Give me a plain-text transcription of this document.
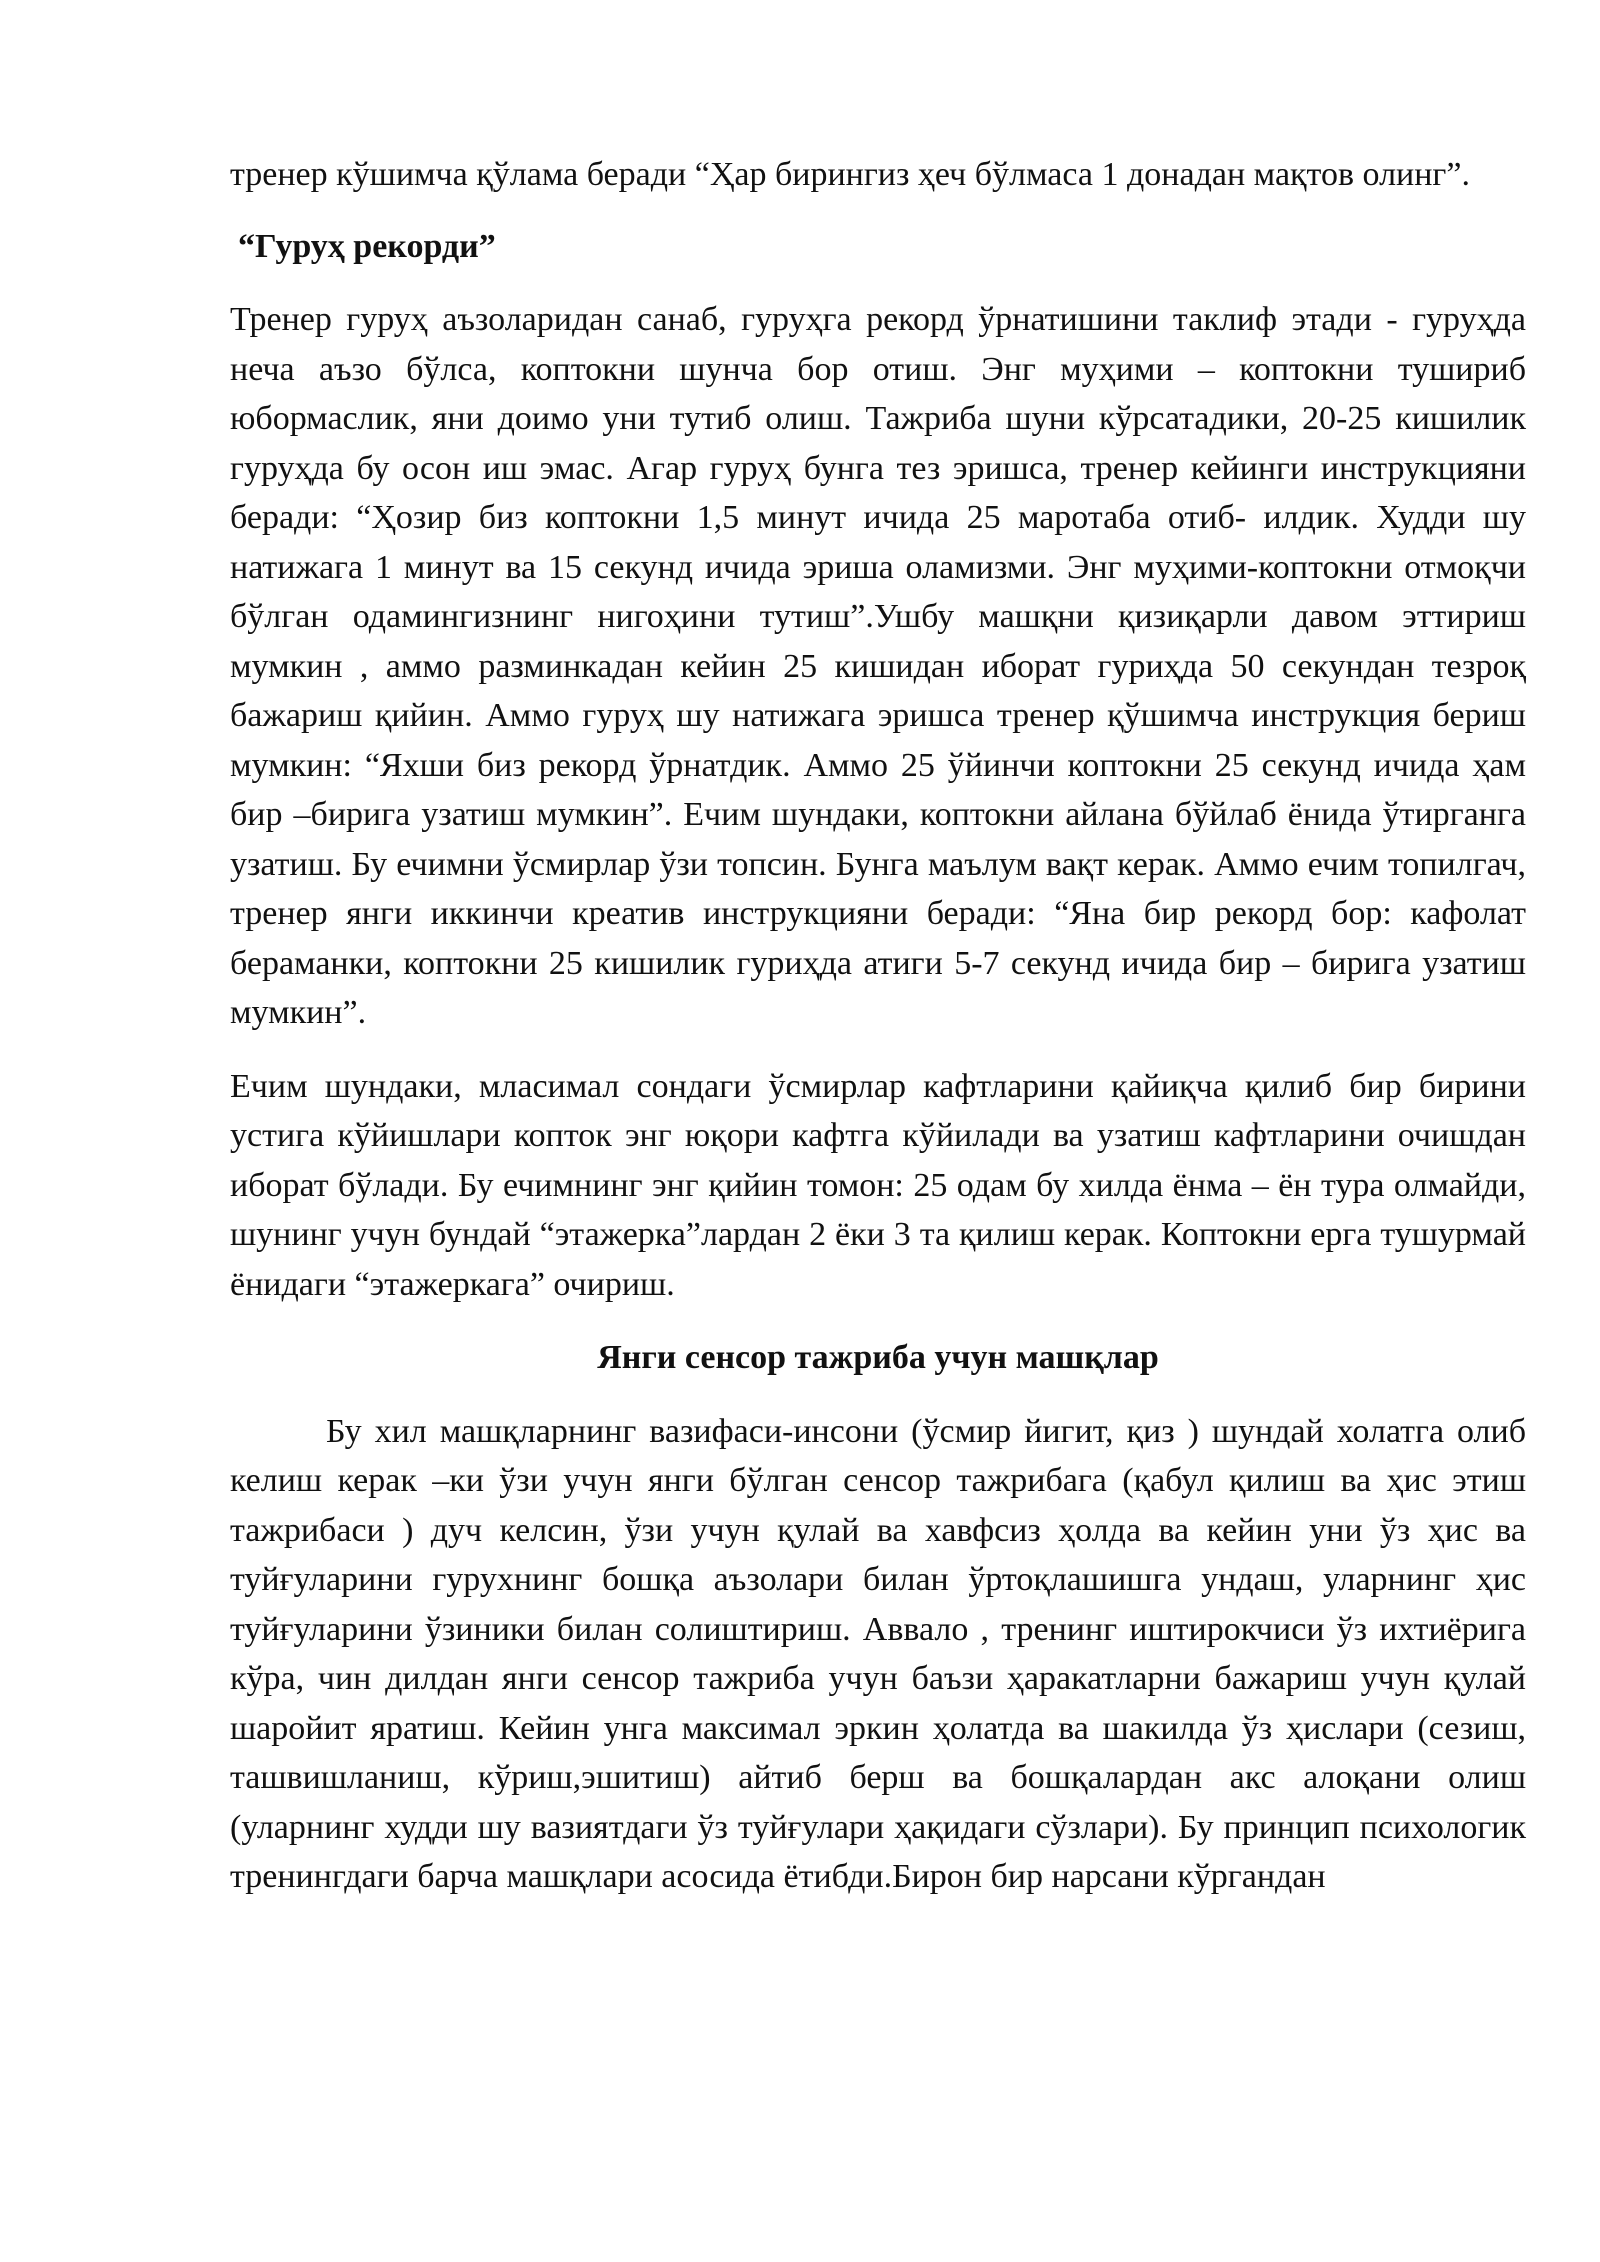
тренер кўшимча қўлама беради “Ҳар бирингиз ҳеч бўлмаса 1 донадан мақтов олинг”.

“Гуруҳ рекорди”

Тренер гуруҳ аъзоларидан санаб, гуруҳга рекорд ўрнатишини таклиф этади - гуруҳда неча аъзо бўлса, коптокни шунча бор отиш. Энг муҳими – коптокни тушириб юбормаслик, яни доимо уни тутиб олиш. Тажриба шуни кўрсатадики, 20-25 кишилик гуруҳда бу осон иш эмас. Агар гуруҳ бунга тез эришса, тренер кейинги инструкцияни беради: “Ҳозир биз коптокни 1,5 минут ичида 25 маротаба отиб- илдик. Худди шу натижага 1 минут ва 15 секунд ичида эриша оламизми. Энг муҳими-коптокни отмоқчи бўлган одамингизнинг нигоҳини тутиш”.Ушбу машқни қизиқарли давом эттириш мумкин , аммо разминкадан кейин 25 кишидан иборат гуриҳда 50 секундан тезроқ бажариш қийин. Аммо гуруҳ шу натижага эришса тренер қўшимча инструкция бериш мумкин: “Яхши биз рекорд ўрнатдик. Аммо 25 ўйинчи коптокни 25 секунд ичида ҳам бир –бирига узатиш мумкин”. Ечим шундаки, коптокни айлана бўйлаб ёнида ўтирганга узатиш. Бу ечимни ўсмирлар ўзи топсин. Бунга маълум вақт керак. Аммо ечим топилгач, тренер янги иккинчи креатив инструкцияни беради: “Яна бир рекорд бор: кафолат бераманки, коптокни 25 кишилик гуриҳда атиги 5-7 секунд ичида бир – бирига узатиш мумкин”.

Ечим шундаки, мласимал сондаги ўсмирлар кафтларини қайиқча қилиб бир бирини устига кўйишлари копток энг юқори кафтга кўйилади ва узатиш кафтларини очишдан иборат бўлади. Бу ечимнинг энг қийин томон: 25 одам бу хилда ёнма – ён тура олмайди, шунинг учун бундай “этажерка”лардан 2 ёки 3 та қилиш керак. Коптокни ерга тушурмай ёнидаги “этажеркага” очириш.

Янги сенсор тажриба учун машқлар

Бу хил машқларнинг вазифаси-инсони (ўсмир йигит, қиз ) шундай холатга олиб келиш керак –ки ўзи учун янги бўлган сенсор тажрибага (қабул қилиш ва ҳис этиш тажрибаси ) дуч келсин, ўзи учун қулай ва хавфсиз ҳолда ва кейин уни ўз ҳис ва туйғуларини гурухнинг бошқа аъзолари билан ўртоқлашишга ундаш, уларнинг ҳис туйғуларини ўзиники билан солиштириш. Аввало , тренинг иштирокчиси ўз ихтиёрига кўра, чин дилдан янги сенсор тажриба учун баъзи ҳаракатларни бажариш учун қулай шаройит яратиш. Кейин унга максимал эркин ҳолатда ва шакилда ўз ҳислари (сезиш, ташвишланиш, кўриш,эшитиш) айтиб берш ва бошқалардан акс алоқани олиш (уларнинг худди шу вазиятдаги ўз туйғулари ҳақидаги сўзлари). Бу принцип психологик тренингдаги барча машқлари асосида ётибди.Бирон бир нарсани кўргандан
